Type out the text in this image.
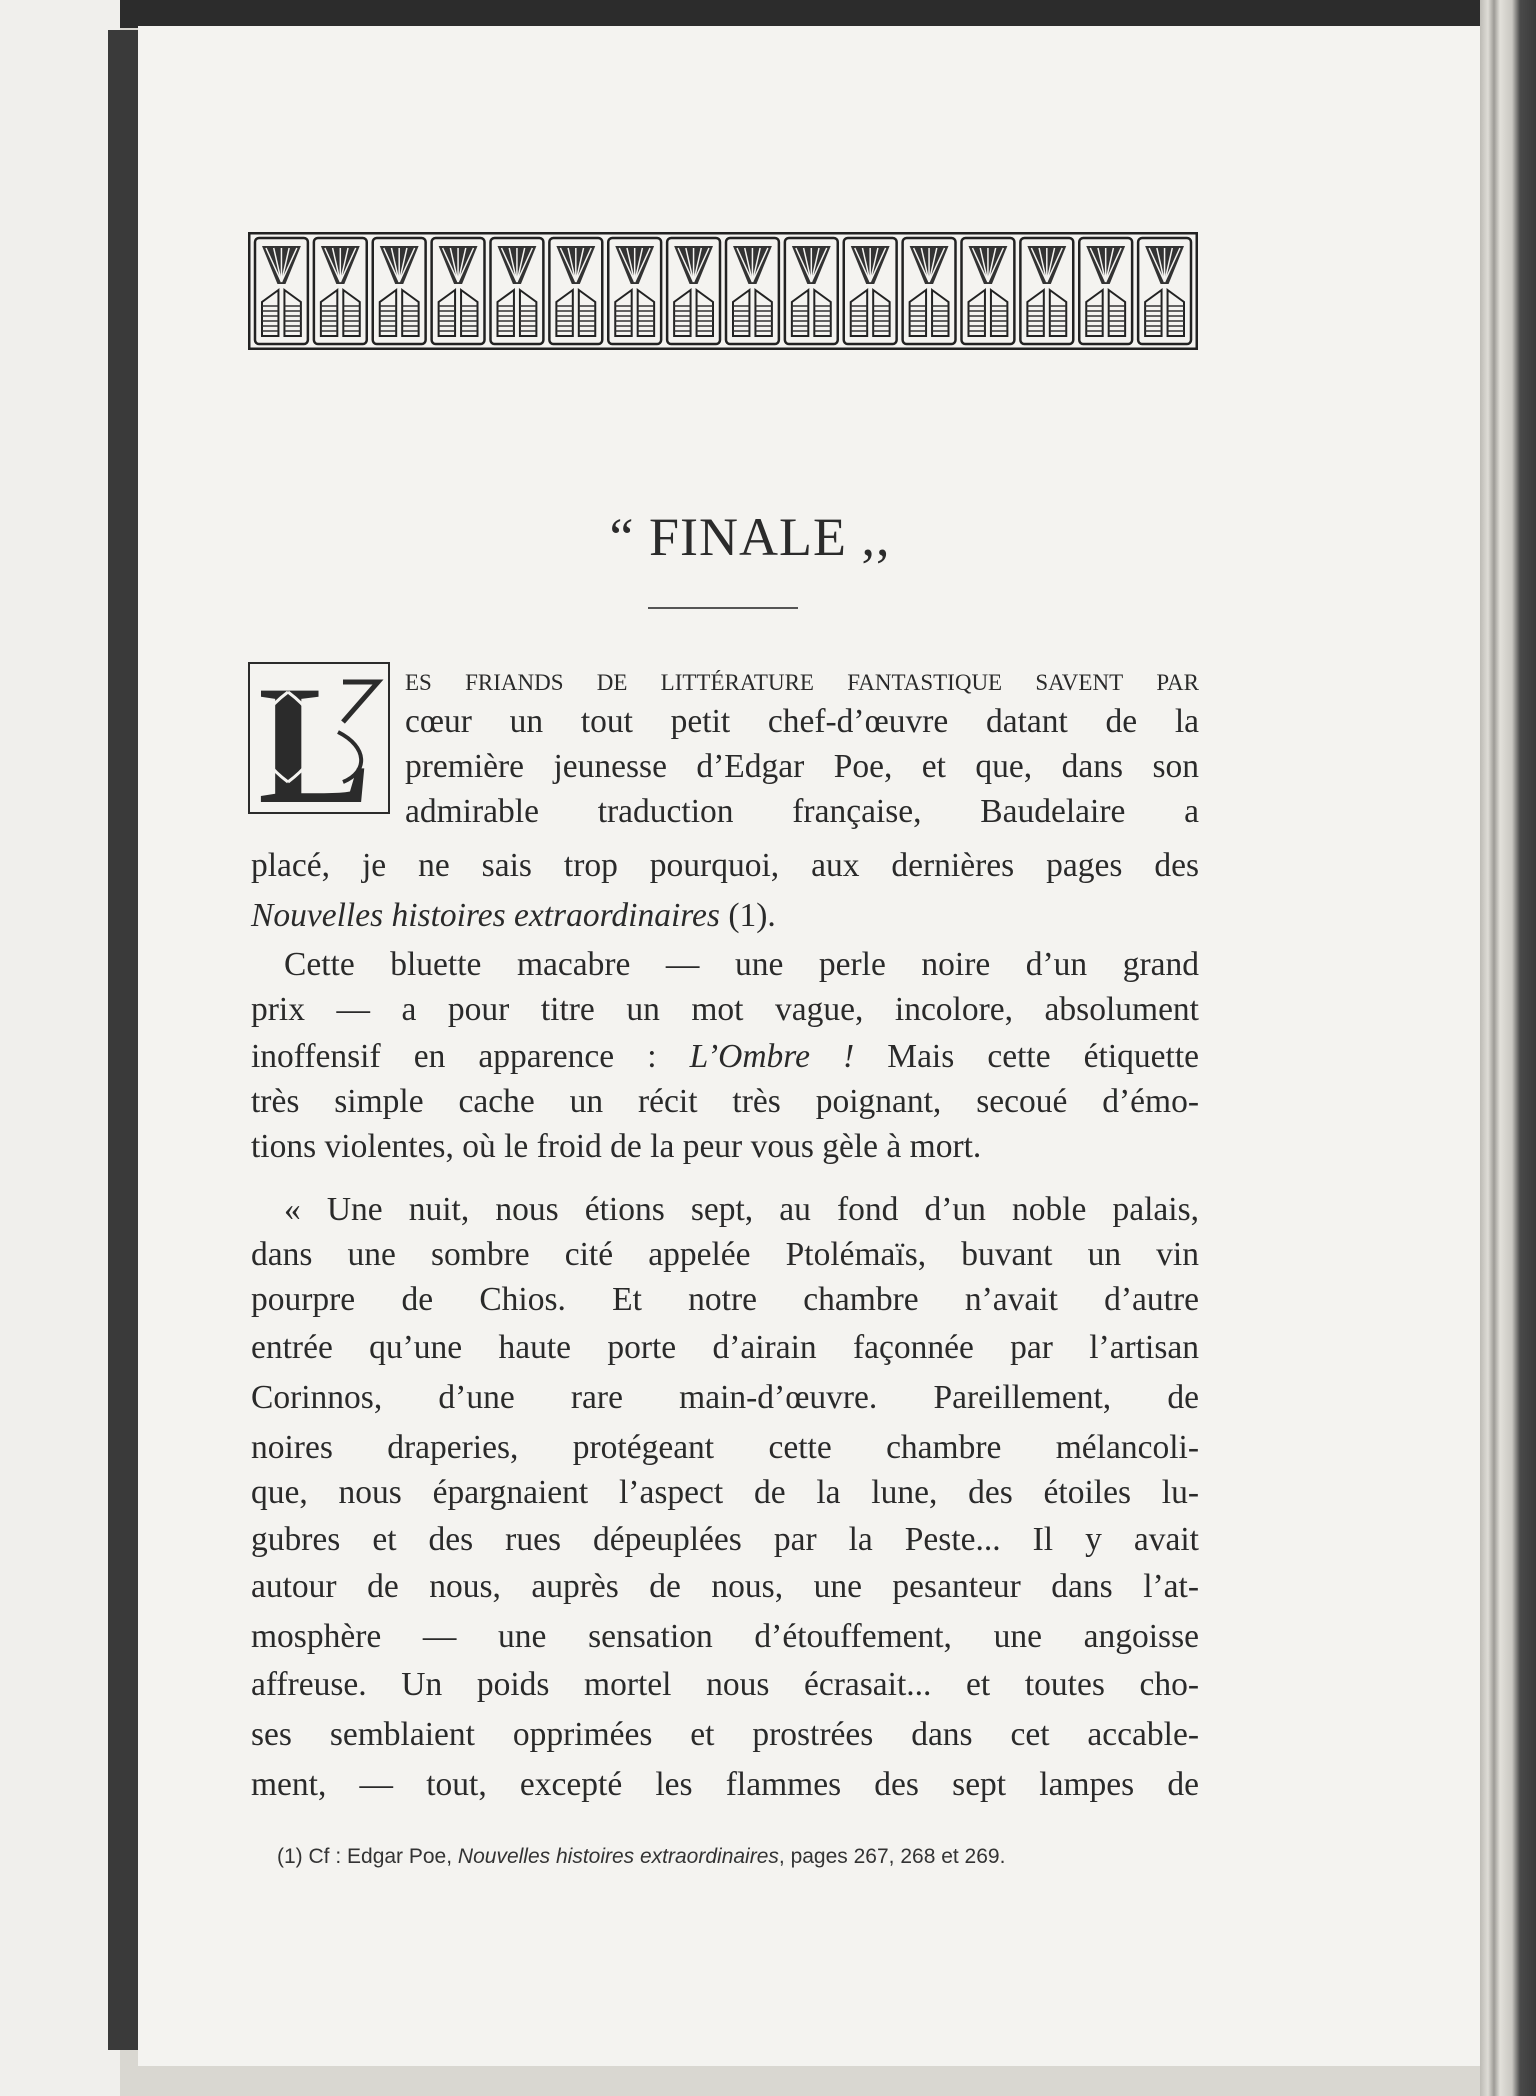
“ FINALE ,,
L es friands de littérature fantastique savent par
cœur un tout petit chef-d’œuvre datant de la
première jeunesse d’Edgar Poe, et que, dans son
admirable traduction française, Baudelaire a
placé, je ne sais trop pourquoi, aux dernières pages des
Nouvelles histoires extraordinaires (1).
Cette bluette macabre — une perle noire d’un grand
prix — a pour titre un mot vague, incolore, absolument
inoffensif en apparence : L’Ombre ! Mais cette étiquette
très simple cache un récit très poignant, secoué d’émo-
tions violentes, où le froid de la peur vous gèle à mort.
« Une nuit, nous étions sept, au fond d’un noble palais,
dans une sombre cité appelée Ptolémaïs, buvant un vin
pourpre de Chios. Et notre chambre n’avait d’autre
entrée qu’une haute porte d’airain façonnée par l’artisan
Corinnos, d’une rare main-d’œuvre. Pareillement, de
noires draperies, protégeant cette chambre mélancoli-
que, nous épargnaient l’aspect de la lune, des étoiles lu-
gubres et des rues dépeuplées par la Peste... Il y avait
autour de nous, auprès de nous, une pesanteur dans l’at-
mosphère — une sensation d’étouffement, une angoisse
affreuse. Un poids mortel nous écrasait... et toutes cho-
ses semblaient opprimées et prostrées dans cet accable-
ment, — tout, excepté les flammes des sept lampes de
(1) Cf : Edgar Poe, Nouvelles histoires extraordinaires, pages 267, 268 et 269.
